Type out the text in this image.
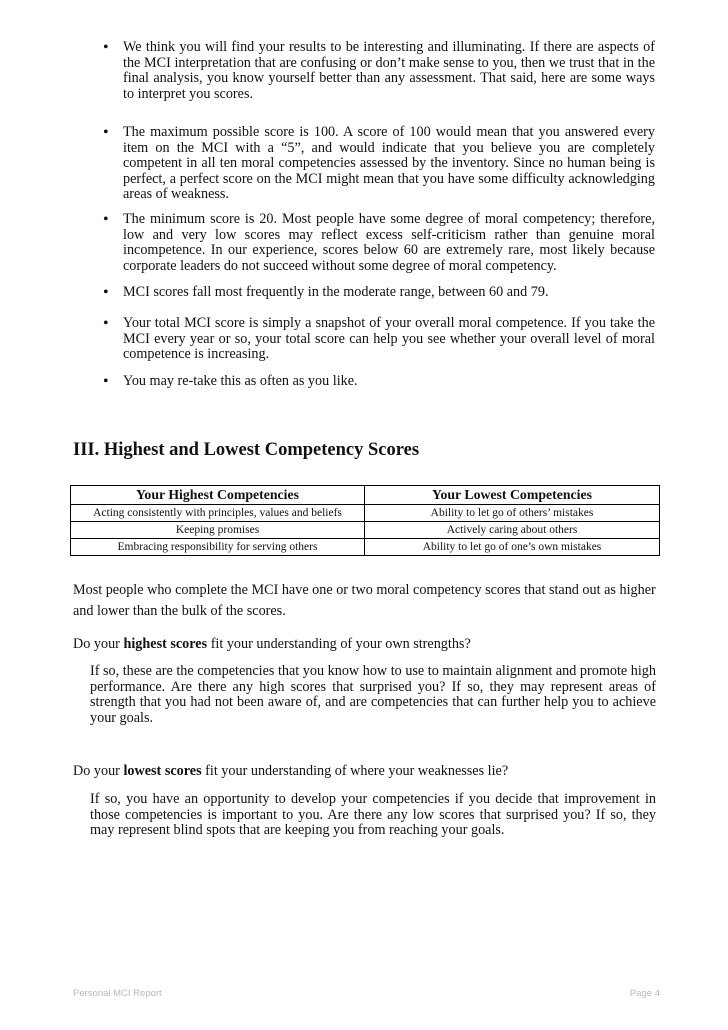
•	We think you will find your results to be interesting and illuminating. If there are aspects of the MCI interpretation that are confusing or don’t make sense to you, then we trust that in the final analysis, you know yourself better than any assessment. That said, here are some ways to interpret you scores.
•	The maximum possible score is 100. A score of 100 would mean that you answered every item on the MCI with a “5”, and would indicate that you believe you are completely competent in all ten moral competencies assessed by the inventory. Since no human being is perfect, a perfect score on the MCI might mean that you have some difficulty acknowledging areas of weakness.
•	The minimum score is 20. Most people have some degree of moral competency; therefore, low and very low scores may reflect excess self-criticism rather than genuine moral incompetence. In our experience, scores below 60 are extremely rare, most likely because corporate leaders do not succeed without some degree of moral competency.
•	MCI scores fall most frequently in the moderate range, between 60 and 79.
•	Your total MCI score is simply a snapshot of your overall moral competence. If you take the MCI every year or so, your total score can help you see whether your overall level of moral competence is increasing.
•	You may re-take this as often as you like.
III. Highest and Lowest Competency Scores
Your Highest Competencies	Your Lowest Competencies
Acting consistently with principles, values and beliefs	Ability to let go of others’ mistakes
Keeping promises	Actively caring about others
Embracing responsibility for serving others	Ability to let go of one’s own mistakes
Most people who complete the MCI have one or two moral competency scores that stand out as higher and lower than the bulk of the scores.
Do your highest scores fit your understanding of your own strengths?
If so, these are the competencies that you know how to use to maintain alignment and promote high performance. Are there any high scores that surprised you? If so, they may represent areas of strength that you had not been aware of, and are competencies that can further help you to achieve your goals.
Do your lowest scores fit your understanding of where your weaknesses lie?
If so, you have an opportunity to develop your competencies if you decide that improvement in those competencies is important to you. Are there any low scores that surprised you? If so, they may represent blind spots that are keeping you from reaching your goals.
Personal MCI Report	Page 4
